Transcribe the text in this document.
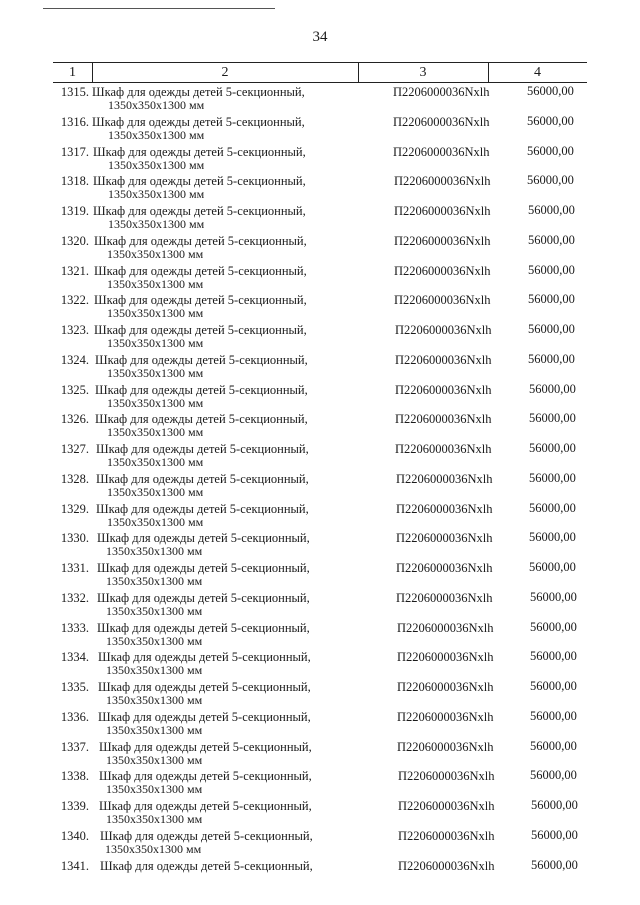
34
1	2	3	4
1315. Шкаф для одежды детей 5-секционный,
1350x350x1300 мм
П2206000036Nxlh	56000,00
1316. Шкаф для одежды детей 5-секционный,
1350x350x1300 мм
П2206000036Nxlh	56000,00
1317. Шкаф для одежды детей 5-секционный,
1350x350x1300 мм
П2206000036Nxlh	56000,00
1318. Шкаф для одежды детей 5-секционный,
1350x350x1300 мм
П2206000036Nxlh	56000,00
1319. Шкаф для одежды детей 5-секционный,
1350x350x1300 мм
П2206000036Nxlh	56000,00
1320. Шкаф для одежды детей 5-секционный,
1350x350x1300 мм
П2206000036Nxlh	56000,00
1321. Шкаф для одежды детей 5-секционный,
1350x350x1300 мм
П2206000036Nxlh	56000,00
1322. Шкаф для одежды детей 5-секционный,
1350x350x1300 мм
П2206000036Nxlh	56000,00
1323. Шкаф для одежды детей 5-секционный,
1350x350x1300 мм
П2206000036Nxlh	56000,00
1324. Шкаф для одежды детей 5-секционный,
1350x350x1300 мм
П2206000036Nxlh	56000,00
1325. Шкаф для одежды детей 5-секционный,
1350x350x1300 мм
П2206000036Nxlh	56000,00
1326. Шкаф для одежды детей 5-секционный,
1350x350x1300 мм
П2206000036Nxlh	56000,00
1327. Шкаф для одежды детей 5-секционный,
1350x350x1300 мм
П2206000036Nxlh	56000,00
1328. Шкаф для одежды детей 5-секционный,
1350x350x1300 мм
П2206000036Nxlh	56000,00
1329. Шкаф для одежды детей 5-секционный,
1350x350x1300 мм
П2206000036Nxlh	56000,00
1330. Шкаф для одежды детей 5-секционный,
1350x350x1300 мм
П2206000036Nxlh	56000,00
1331. Шкаф для одежды детей 5-секционный,
1350x350x1300 мм
П2206000036Nxlh	56000,00
1332. Шкаф для одежды детей 5-секционный,
1350x350x1300 мм
П2206000036Nxlh	56000,00
1333. Шкаф для одежды детей 5-секционный,
1350x350x1300 мм
П2206000036Nxlh	56000,00
1334. Шкаф для одежды детей 5-секционный,
1350x350x1300 мм
П2206000036Nxlh	56000,00
1335. Шкаф для одежды детей 5-секционный,
1350x350x1300 мм
П2206000036Nxlh	56000,00
1336. Шкаф для одежды детей 5-секционный,
1350x350x1300 мм
П2206000036Nxlh	56000,00
1337. Шкаф для одежды детей 5-секционный,
1350x350x1300 мм
П2206000036Nxlh	56000,00
1338. Шкаф для одежды детей 5-секционный,
1350x350x1300 мм
П2206000036Nxlh	56000,00
1339. Шкаф для одежды детей 5-секционный,
1350x350x1300 мм
П2206000036Nxlh	56000,00
1340. Шкаф для одежды детей 5-секционный,
1350x350x1300 мм
П2206000036Nxlh	56000,00
1341. Шкаф для одежды детей 5-секционный,	П2206000036Nxlh	56000,00
